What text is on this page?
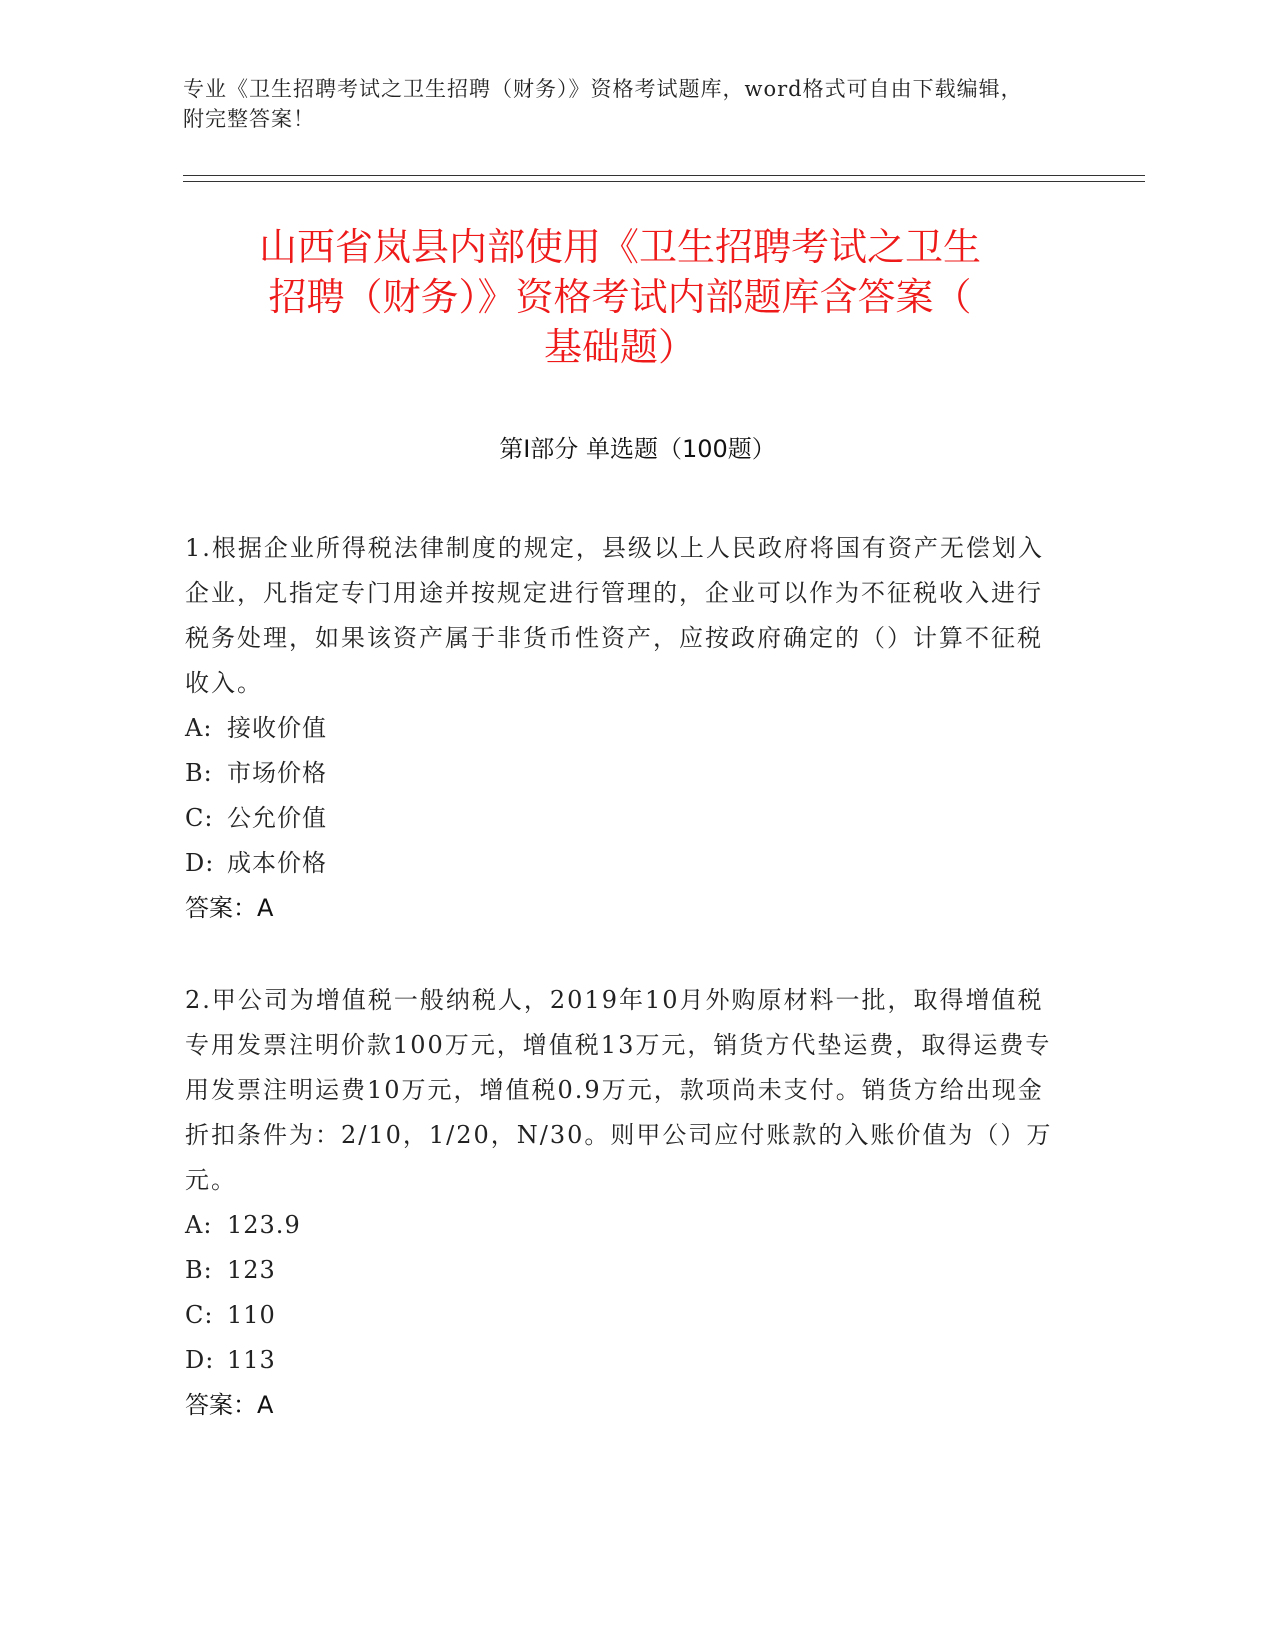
专业《卫生招聘考试之卫生招聘（财务）》资格考试题库，word格式可自由下载编辑，附完整答案！
山西省岚县内部使用《卫生招聘考试之卫生
招聘（财务）》资格考试内部题库含答案（
基础题）
第Ⅰ部分 单选题（100题）
1.根据企业所得税法律制度的规定，县级以上人民政府将国有资产无偿划入企业，凡指定专门用途并按规定进行管理的，企业可以作为不征税收入进行税务处理，如果该资产属于非货币性资产，应按政府确定的（）计算不征税收入。
A: 接收价值
B: 市场价格
C: 公允价值
D: 成本价格
答案：A
2.甲公司为增值税一般纳税人，2019年10月外购原材料一批，取得增值税专用发票注明价款100万元，增值税13万元，销货方代垫运费，取得运费专用发票注明运费10万元，增值税0.9万元，款项尚未支付。销货方给出现金折扣条件为：2/10，1/20，N/30。则甲公司应付账款的入账价值为（）万元。
A: 123.9
B: 123
C: 110
D: 113
答案：A
